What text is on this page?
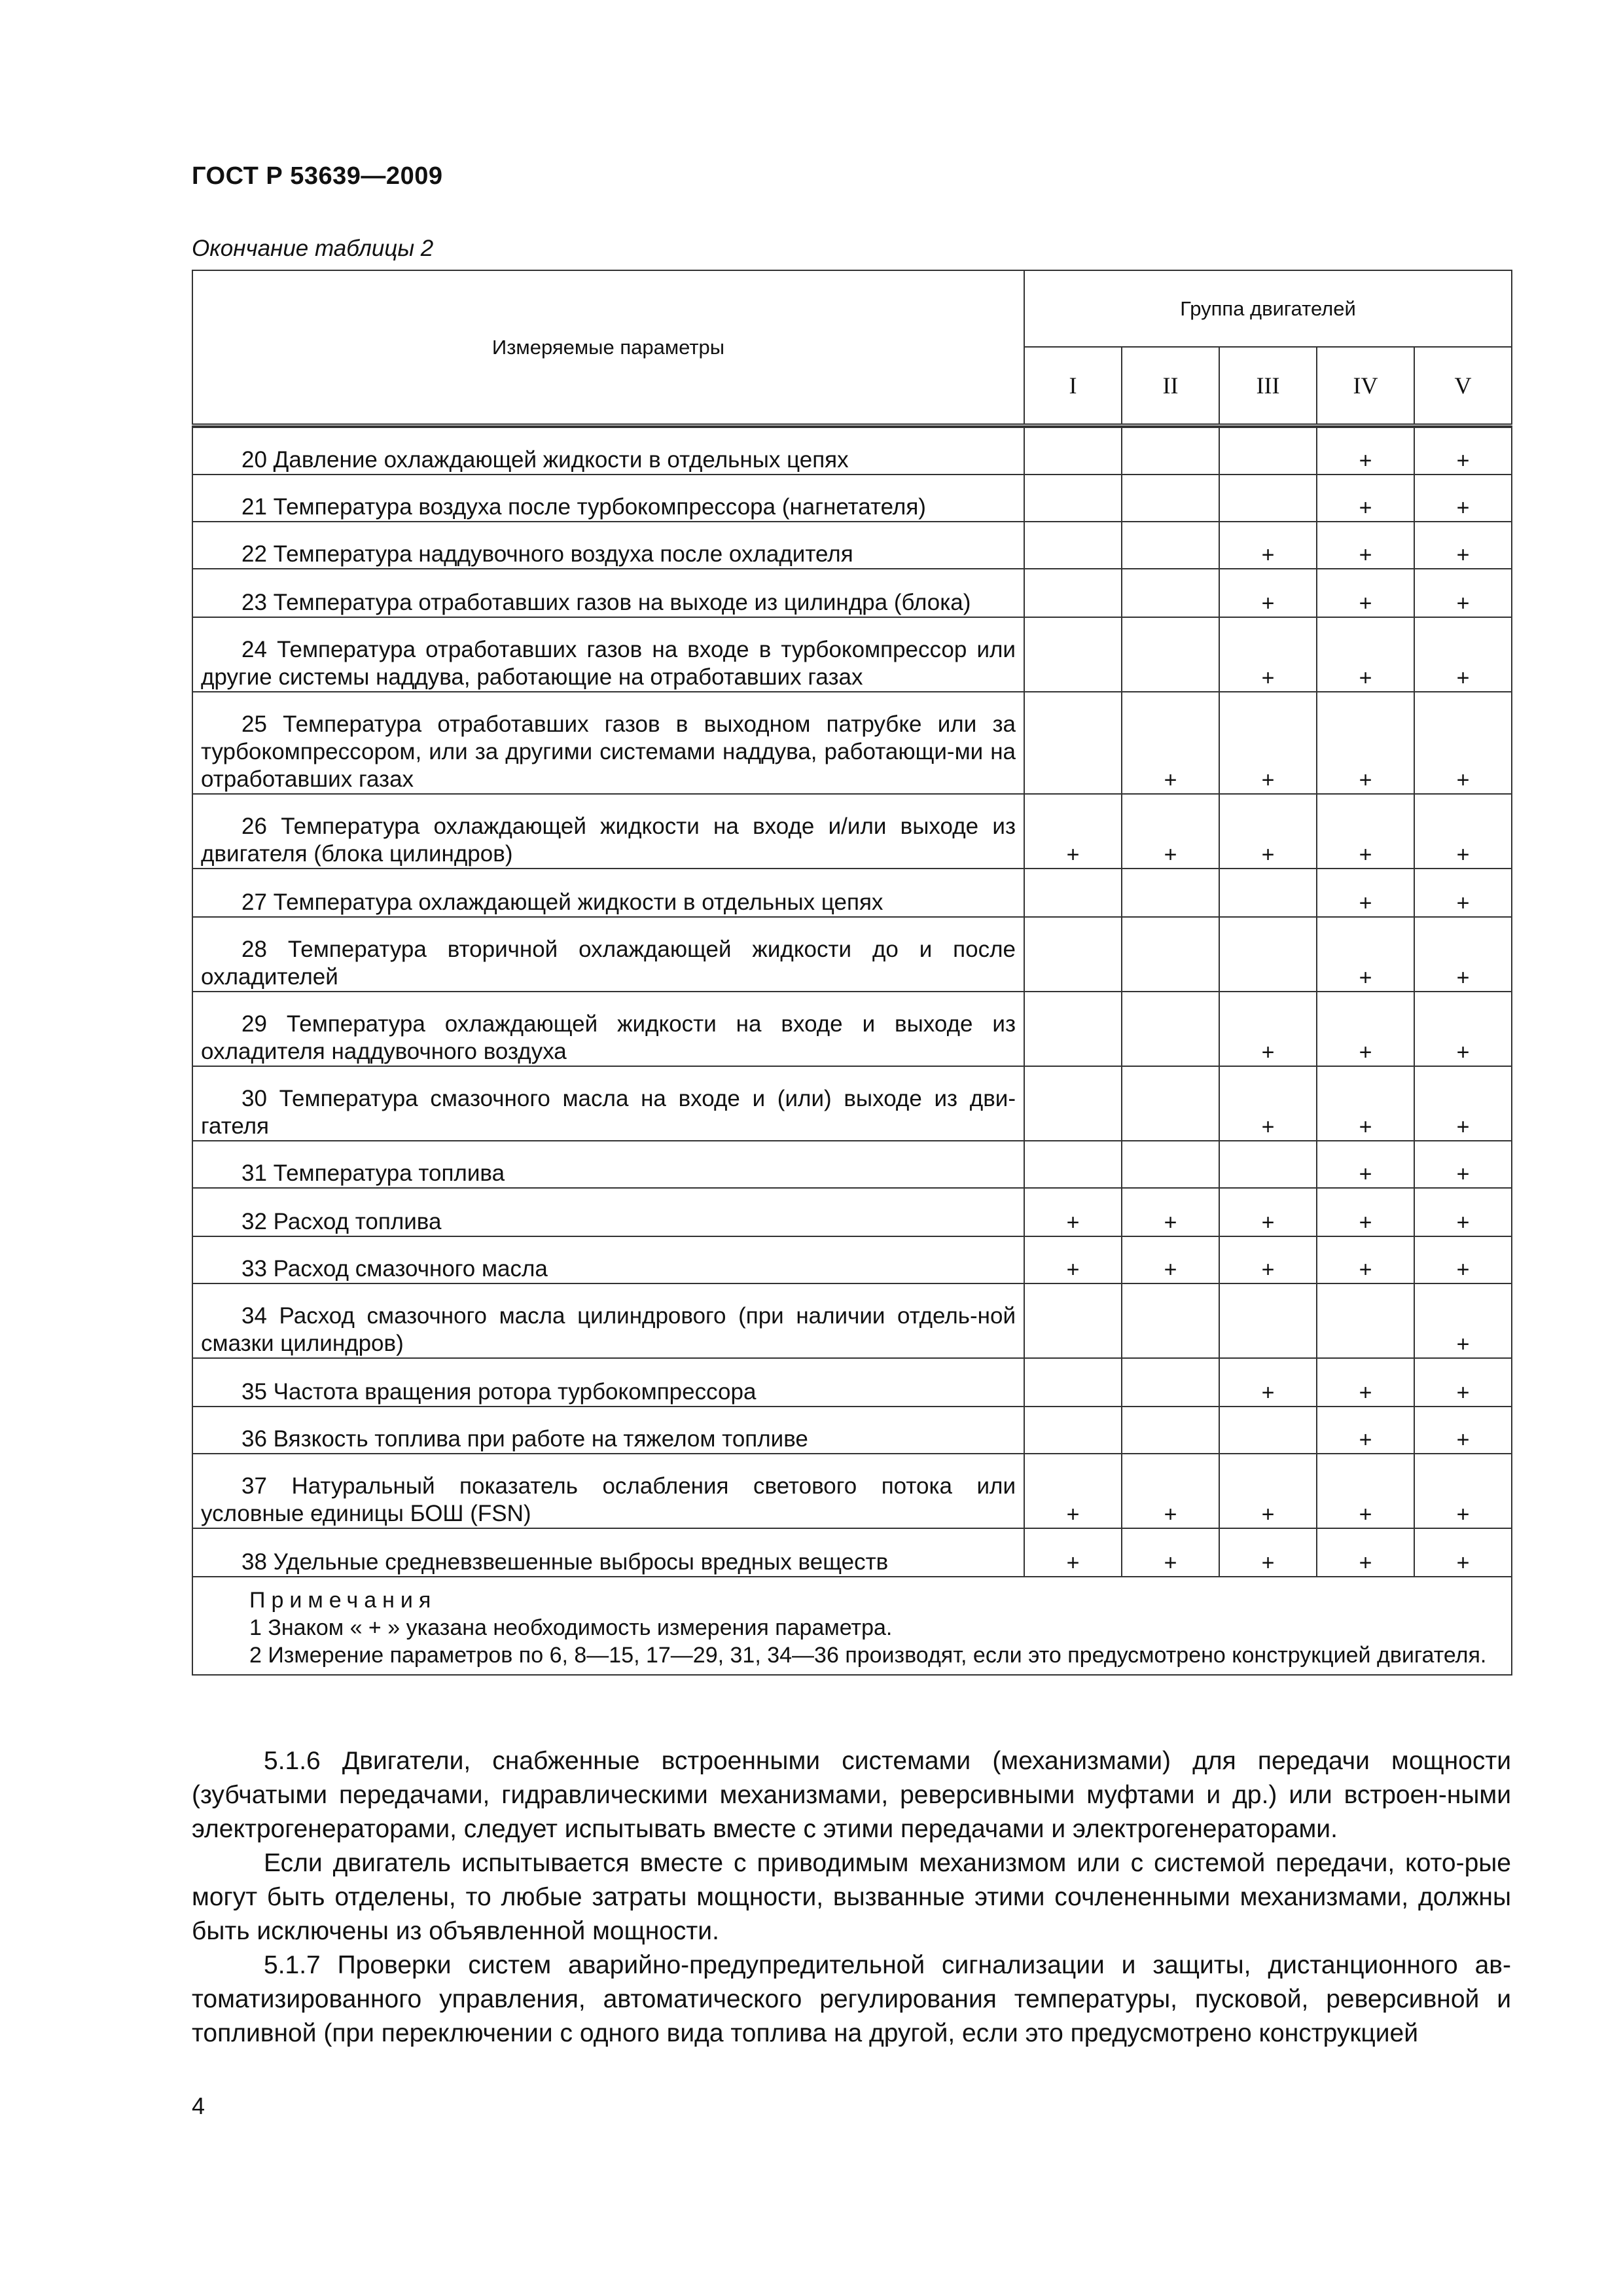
ГОСТ Р 53639—2009
Окончание таблицы 2
Измеряемые параметры	Группа двигателей				
	I	II	III	IV	V

20 Давление охлаждающей жидкости в отдельных цепях				+	+
21 Температура воздуха после турбокомпрессора (нагнетателя)				+	+
22 Температура наддувочного воздуха после охладителя			+	+	+
23 Температура отработавших газов на выходе из цилиндра (блока)			+	+	+
24 Температура отработавших газов на входе в турбокомпрессор или другие системы наддува, работающие на отработавших газах			+	+	+
25 Температура отработавших газов в выходном патрубке или за турбокомпрессором, или за другими системами наддува, работающи-ми на отработавших газах		+	+	+	+
26 Температура охлаждающей жидкости на входе и/или выходе из двигателя (блока цилиндров)	+	+	+	+	+
27 Температура охлаждающей жидкости в отдельных цепях				+	+
28 Температура вторичной охлаждающей жидкости до и после охладителей				+	+
29 Температура охлаждающей жидкости на входе и выходе из охладителя наддувочного воздуха			+	+	+
30 Температура смазочного масла на входе и (или) выходе из дви-гателя			+	+	+
31 Температура топлива				+	+
32 Расход топлива	+	+	+	+	+
33 Расход смазочного масла	+	+	+	+	+
34 Расход смазочного масла цилиндрового (при наличии отдель-ной смазки цилиндров)					+
35 Частота вращения ротора турбокомпрессора			+	+	+
36 Вязкость топлива при работе на тяжелом топливе				+	+
37 Натуральный показатель ослабления светового потока или условные единицы БОШ (FSN)	+	+	+	+	+
38 Удельные средневзвешенные выбросы вредных веществ	+	+	+	+	+

Примечания
1 Знаком « + » указана необходимость измерения параметра.
2 Измерение параметров по 6, 8—15, 17—29, 31, 34—36 производят, если это предусмотрено конструкцией двигателя.					

5.1.6 Двигатели, снабженные встроенными системами (механизмами) для передачи мощности (зубчатыми передачами, гидравлическими механизмами, реверсивными муфтами и др.) или встроен-ными электрогенераторами, следует испытывать вместе с этими передачами и электрогенераторами.

Если двигатель испытывается вместе с приводимым механизмом или с системой передачи, кото-рые могут быть отделены, то любые затраты мощности, вызванные этими сочлененными механизмами, должны быть исключены из объявленной мощности.

5.1.7 Проверки систем аварийно-предупредительной сигнализации и защиты, дистанционного ав-томатизированного управления, автоматического регулирования температуры, пусковой, реверсивной и топливной (при переключении с одного вида топлива на другой, если это предусмотрено конструкцией

4
